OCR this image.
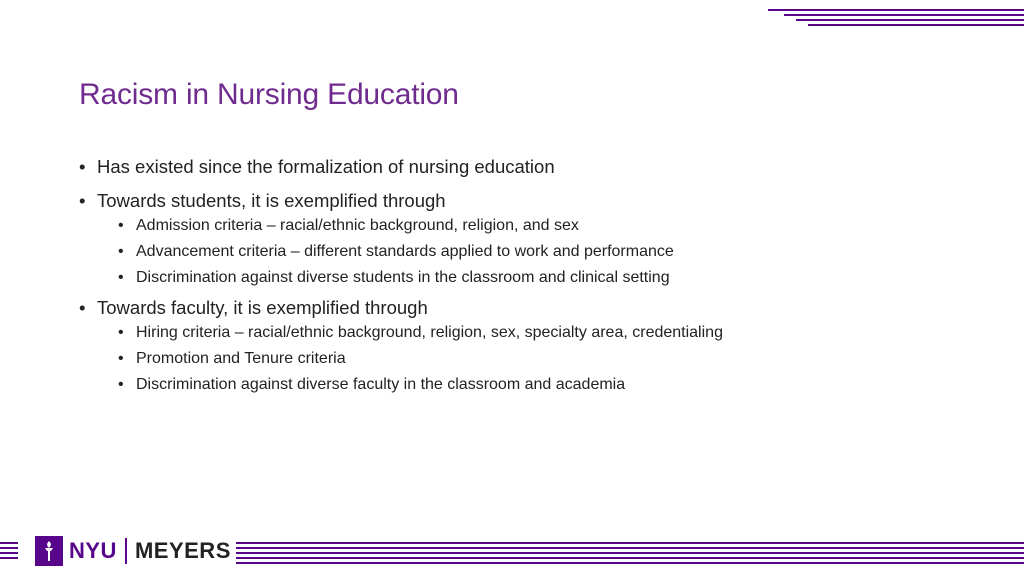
Racism in Nursing Education
• Has existed since the formalization of nursing education
• Towards students, it is exemplified through
• Admission criteria – racial/ethnic background, religion, and sex
• Advancement criteria – different standards applied to work and performance
• Discrimination against diverse students in the classroom and clinical setting
• Towards faculty, it is exemplified through
• Hiring criteria – racial/ethnic background, religion, sex, specialty area, credentialing
• Promotion and Tenure criteria
• Discrimination against diverse faculty in the classroom and academia
NYU MEYERS
